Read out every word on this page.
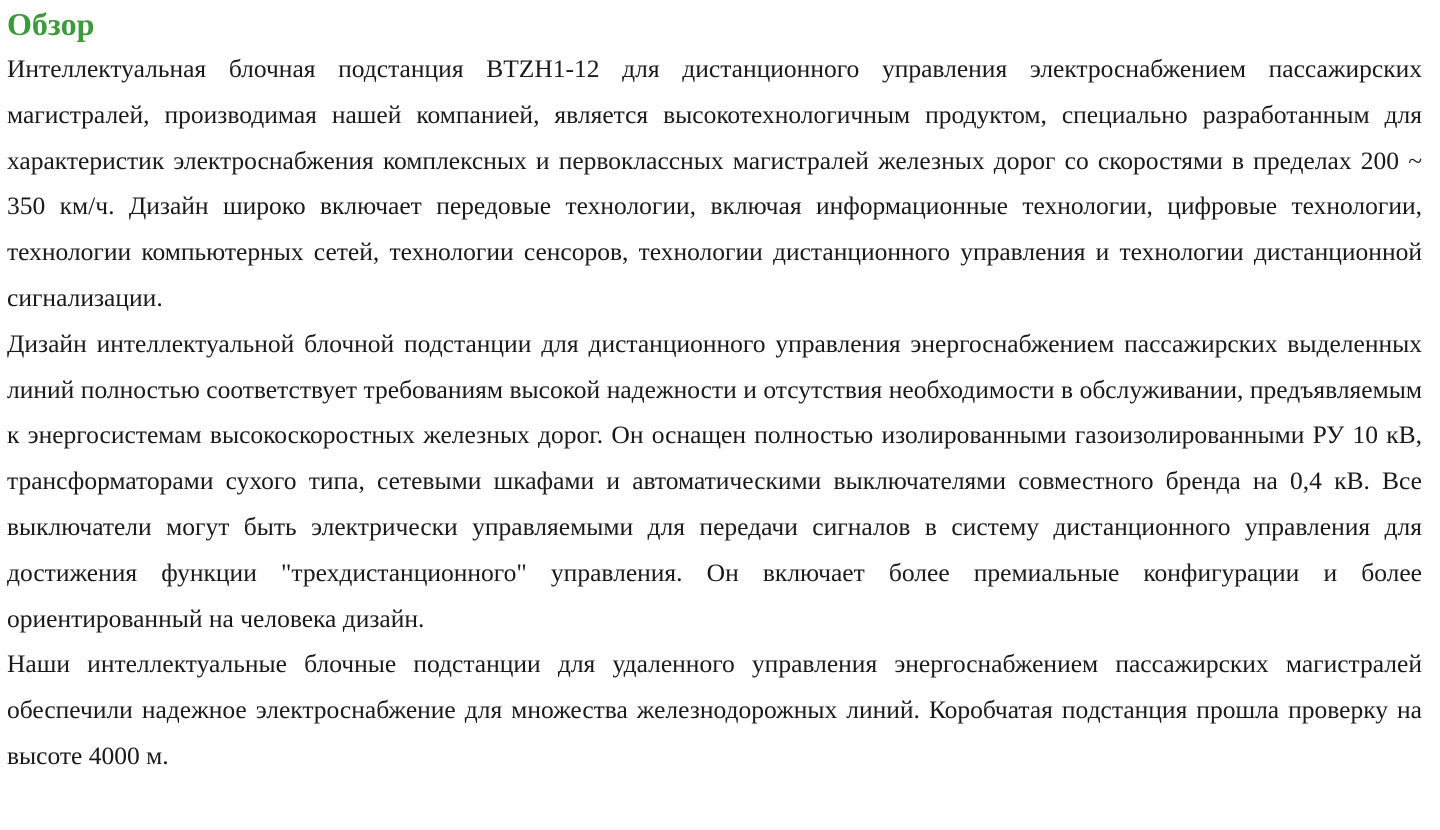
Обзор

Интеллектуальная блочная подстанция BTZH1-12 для дистанционного управления электроснабжением пассажирских магистралей, производимая нашей компанией, является высокотехнологичным продуктом, специально разработанным для характеристик электроснабжения комплексных и первоклассных магистралей железных дорог со скоростями в пределах 200 ~ 350 км/ч. Дизайн широко включает передовые технологии, включая информационные технологии, цифровые технологии, технологии компьютерных сетей, технологии сенсоров, технологии дистанционного управления и технологии дистанционной сигнализации.

Дизайн интеллектуальной блочной подстанции для дистанционного управления энергоснабжением пассажирских выделенных линий полностью соответствует требованиям высокой надежности и отсутствия необходимости в обслуживании, предъявляемым к энергосистемам высокоскоростных железных дорог. Он оснащен полностью изолированными газоизолированными РУ 10 кВ, трансформаторами сухого типа, сетевыми шкафами и автоматическими выключателями совместного бренда на 0,4 кВ. Все выключатели могут быть электрически управляемыми для передачи сигналов в систему дистанционного управления для достижения функции "трехдистанционного" управления. Он включает более премиальные конфигурации и более ориентированный на человека дизайн.

Наши интеллектуальные блочные подстанции для удаленного управления энергоснабжением пассажирских магистралей обеспечили надежное электроснабжение для множества железнодорожных линий. Коробчатая подстанция прошла проверку на высоте 4000 м.
